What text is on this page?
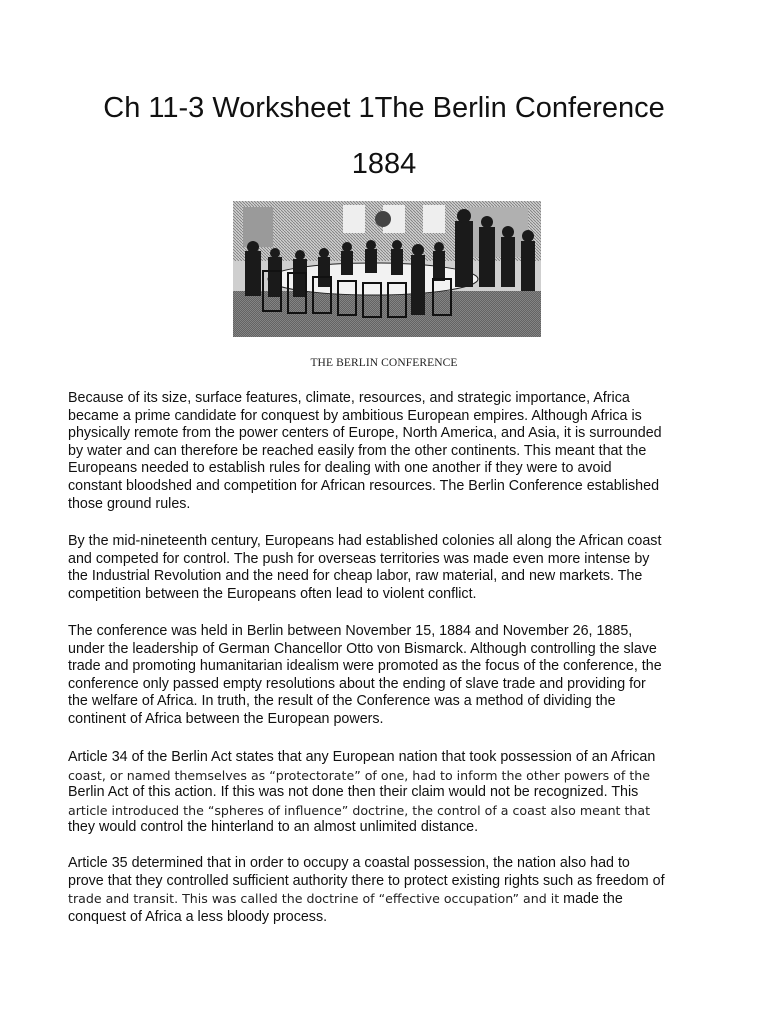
Ch 11-3 Worksheet 1The Berlin Conference
1884
THE BERLIN CONFERENCE

Because of its size, surface features, climate, resources, and strategic importance, Africa
became a prime candidate for conquest by ambitious European empires. Although Africa is
physically remote from the power centers of Europe, North America, and Asia, it is surrounded
by water and can therefore be reached easily from the other continents. This meant that the
Europeans needed to establish rules for dealing with one another if they were to avoid
constant bloodshed and competition for African resources. The Berlin Conference established
those ground rules.

By the mid-nineteenth century, Europeans had established colonies all along the African coast
and competed for control. The push for overseas territories was made even more intense by
the Industrial Revolution and the need for cheap labor, raw material, and new markets. The
competition between the Europeans often lead to violent conflict.

The conference was held in Berlin between November 15, 1884 and November 26, 1885,
under the leadership of German Chancellor Otto von Bismarck. Although controlling the slave
trade and promoting humanitarian idealism were promoted as the focus of the conference, the
conference only passed empty resolutions about the ending of slave trade and providing for
the welfare of Africa. In truth, the result of the Conference was a method of dividing the
continent of Africa between the European powers.

Article 34 of the Berlin Act states that any European nation that took possession of an African
coast, or named themselves as “protectorate” of one, had to inform the other powers of the
Berlin Act of this action. If this was not done then their claim would not be recognized. This
article introduced the “spheres of influence” doctrine, the control of a coast also meant that
they would control the hinterland to an almost unlimited distance.

Article 35 determined that in order to occupy a coastal possession, the nation also had to
prove that they controlled sufficient authority there to protect existing rights such as freedom of
trade and transit. This was called the doctrine of “effective occupation” and it made the
conquest of Africa a less bloody process.
